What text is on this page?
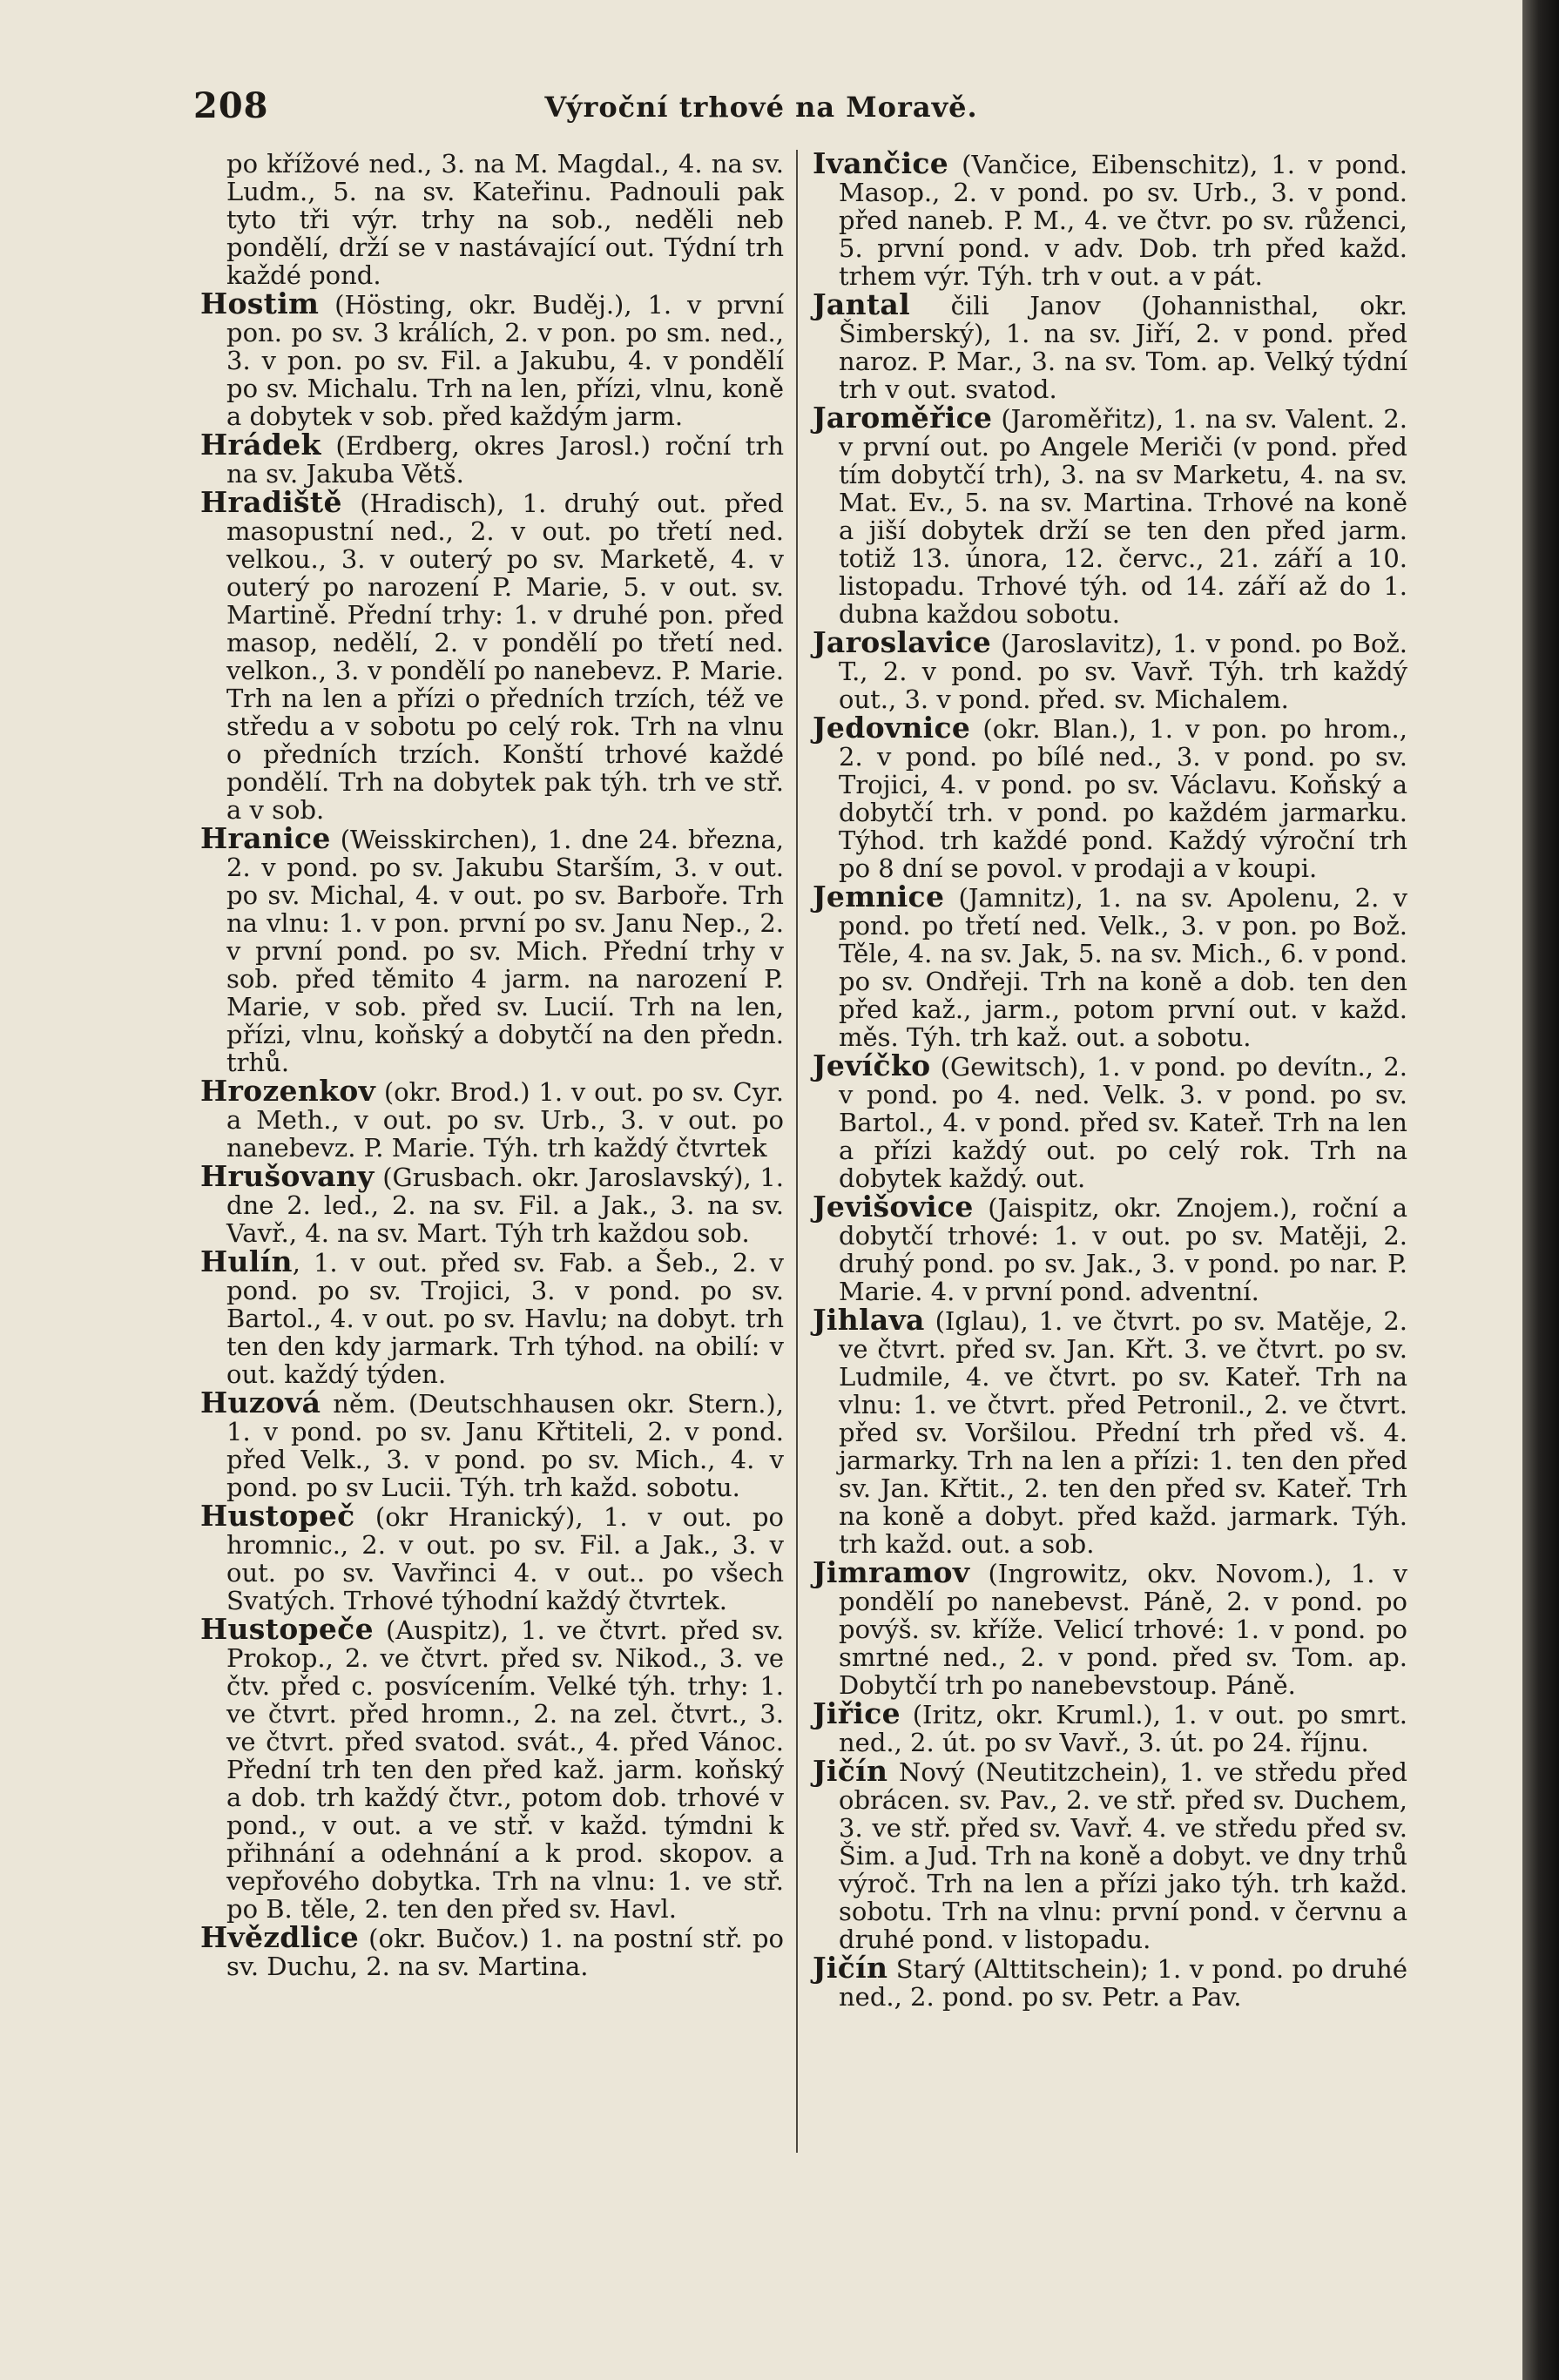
208	Výroční trhové na Moravě.

po křížové ned., 3. na M. Magdal., 4. na sv. Ludm., 5. na sv. Kateřinu. Padnouli pak tyto tři výr. trhy na sob., neděli neb pondělí, drží se v nastávající out. Týdní trh každé pond.

Hostim (Hösting, okr. Buděj.), 1. v první pon. po sv. 3 králích, 2. v pon. po sm. ned., 3. v pon. po sv. Fil. a Jakubu, 4. v pondělí po sv. Michalu. Trh na len, přízi, vlnu, koně a dobytek v sob. před každým jarm.

Hrádek (Erdberg, okres Jarosl.) roční trh na sv. Jakuba Větš.

Hradiště (Hradisch), 1. druhý out. před masopustní ned., 2. v out. po třetí ned. velkou., 3. v outerý po sv. Marketě, 4. v outerý po narození P. Marie, 5. v out. sv. Martině. Přední trhy: 1. v druhé pon. před masop, nedělí, 2. v pondělí po třetí ned. velkon., 3. v pondělí po nanebevz. P. Marie. Trh na len a přízi o předních trzích, též ve středu a v sobotu po celý rok. Trh na vlnu o předních trzích. Konští trhové každé pondělí. Trh na dobytek pak týh. trh ve stř. a v sob.

Hranice (Weisskirchen), 1. dne 24. března, 2. v pond. po sv. Jakubu Starším, 3. v out. po sv. Michal, 4. v out. po sv. Barboře. Trh na vlnu: 1. v pon. první po sv. Janu Nep., 2. v první pond. po sv. Mich. Přední trhy v sob. před těmito 4 jarm. na narození P. Marie, v sob. před sv. Lucií. Trh na len, přízi, vlnu, koňský a dobytčí na den předn. trhů.

Hrozenkov (okr. Brod.) 1. v out. po sv. Cyr. a Meth., v out. po sv. Urb., 3. v out. po nanebevz. P. Marie. Týh. trh každý čtvrtek

Hrušovany (Grusbach. okr. Jaroslavský), 1. dne 2. led., 2. na sv. Fil. a Jak., 3. na sv. Vavř., 4. na sv. Mart. Týh trh každou sob.

Hulín, 1. v out. před sv. Fab. a Šeb., 2. v pond. po sv. Trojici, 3. v pond. po sv. Bartol., 4. v out. po sv. Havlu; na dobyt. trh ten den kdy jarmark. Trh týhod. na obilí: v out. každý týden.

Huzová něm. (Deutschhausen okr. Stern.), 1. v pond. po sv. Janu Křtiteli, 2. v pond. před Velk., 3. v pond. po sv. Mich., 4. v pond. po sv Lucii. Týh. trh každ. sobotu.

Hustopeč (okr Hranický), 1. v out. po hromnic., 2. v out. po sv. Fil. a Jak., 3. v out. po sv. Vavřinci 4. v out.. po všech Svatých. Trhové týhodní každý čtvrtek.

Hustopeče (Auspitz), 1. ve čtvrt. před sv. Prokop., 2. ve čtvrt. před sv. Nikod., 3. ve čtv. před c. posvícením. Velké týh. trhy: 1. ve čtvrt. před hromn., 2. na zel. čtvrt., 3. ve čtvrt. před svatod. svát., 4. před Vánoc. Přední trh ten den před kaž. jarm. koňský a dob. trh každý čtvr., potom dob. trhové v pond., v out. a ve stř. v každ. týmdni k přihnání a odehnání a k prod. skopov. a vepřového dobytka. Trh na vlnu: 1. ve stř. po B. těle, 2. ten den před sv. Havl.

Hvězdlice (okr. Bučov.) 1. na postní stř. po sv. Duchu, 2. na sv. Martina.

Ivančice (Vančice, Eibenschitz), 1. v pond. Masop., 2. v pond. po sv. Urb., 3. v pond. před naneb. P. M., 4. ve čtvr. po sv. růženci, 5. první pond. v adv. Dob. trh před každ. trhem výr. Týh. trh v out. a v pát.

Jantal čili Janov (Johannisthal, okr. Šimberský), 1. na sv. Jiří, 2. v pond. před naroz. P. Mar., 3. na sv. Tom. ap. Velký týdní trh v out. svatod.

Jaroměřice (Jaroměřitz), 1. na sv. Valent. 2. v první out. po Angele Meriči (v pond. před tím dobytčí trh), 3. na sv Marketu, 4. na sv. Mat. Ev., 5. na sv. Martina. Trhové na koně a jiší dobytek drží se ten den před jarm. totiž 13. února, 12. červc., 21. září a 10. listopadu. Trhové týh. od 14. září až do 1. dubna každou sobotu.

Jaroslavice (Jaroslavitz), 1. v pond. po Bož. T., 2. v pond. po sv. Vavř. Týh. trh každý out., 3. v pond. před. sv. Michalem.

Jedovnice (okr. Blan.), 1. v pon. po hrom., 2. v pond. po bílé ned., 3. v pond. po sv. Trojici, 4. v pond. po sv. Václavu. Koňský a dobytčí trh. v pond. po každém jarmarku. Týhod. trh každé pond. Každý výroční trh po 8 dní se povol. v prodaji a v koupi.

Jemnice (Jamnitz), 1. na sv. Apolenu, 2. v pond. po třetí ned. Velk., 3. v pon. po Bož. Těle, 4. na sv. Jak, 5. na sv. Mich., 6. v pond. po sv. Ondřeji. Trh na koně a dob. ten den před kaž., jarm., potom první out. v každ. měs. Týh. trh kaž. out. a sobotu.

Jevíčko (Gewitsch), 1. v pond. po devítn., 2. v pond. po 4. ned. Velk. 3. v pond. po sv. Bartol., 4. v pond. před sv. Kateř. Trh na len a přízi každý out. po celý rok. Trh na dobytek každý. out.

Jevišovice (Jaispitz, okr. Znojem.), roční a dobytčí trhové: 1. v out. po sv. Matěji, 2. druhý pond. po sv. Jak., 3. v pond. po nar. P. Marie. 4. v první pond. adventní.

Jihlava (Iglau), 1. ve čtvrt. po sv. Matěje, 2. ve čtvrt. před sv. Jan. Křt. 3. ve čtvrt. po sv. Ludmile, 4. ve čtvrt. po sv. Kateř. Trh na vlnu: 1. ve čtvrt. před Petronil., 2. ve čtvrt. před sv. Voršilou. Přední trh před vš. 4. jarmarky. Trh na len a přízi: 1. ten den před sv. Jan. Křtit., 2. ten den před sv. Kateř. Trh na koně a dobyt. před každ. jarmark. Týh. trh každ. out. a sob.

Jimramov (Ingrowitz, okv. Novom.), 1. v pondělí po nanebevst. Páně, 2. v pond. po povýš. sv. kříže. Velicí trhové: 1. v pond. po smrtné ned., 2. v pond. před sv. Tom. ap. Dobytčí trh po nanebevstoup. Páně.

Jiřice (Iritz, okr. Kruml.), 1. v out. po smrt. ned., 2. út. po sv Vavř., 3. út. po 24. říjnu.

Jičín Nový (Neutitzchein), 1. ve středu před obrácen. sv. Pav., 2. ve stř. před sv. Duchem, 3. ve stř. před sv. Vavř. 4. ve středu před sv. Šim. a Jud. Trh na koně a dobyt. ve dny trhů výroč. Trh na len a přízi jako týh. trh každ. sobotu. Trh na vlnu: první pond. v červnu a druhé pond. v listopadu.

Jičín Starý (Alttitschein); 1. v pond. po druhé ned., 2. pond. po sv. Petr. a Pav.
